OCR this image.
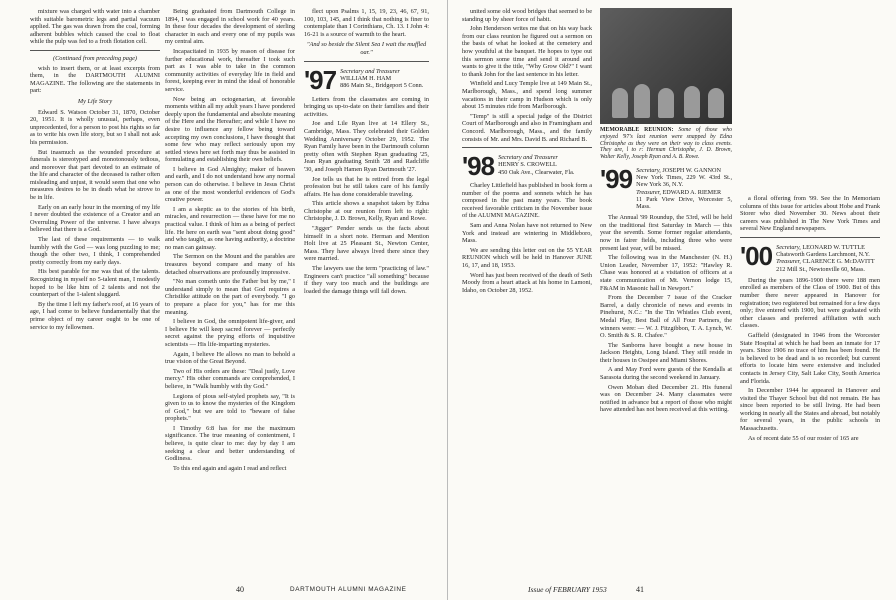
mixture was charged with water into a chamber with suitable barometric legs and partial vacuum applied. The gas was drawn from the coal, forming adherent bubbles which caused the coal to float while the pulp was fed to a froth flotation cell.

(Continued from preceding page)

wish to insert them, or at least excerpts from them, in the DARTMOUTH ALUMNI MAGAZINE. The following are the statements in part:

My Life Story

Edward S. Watson October 31, 1870, October 20, 1951. It is wholly unusual, perhaps, even unprecedented, for a person to post his rights so far as to write his own life story, but so I shall not ask his permission.

But inasmuch as the wounded procedure at funerals is stereotyped and monotonously tedious, and moreover that part devoted to an estimate of the life and character of the deceased is rather often misleading and unjust, it would seem that one who measures desires to be in death what he strove to be in life.

Early on an early hour in the morning of my life I never doubted the existence of a Creator and an Overruling Power of the universe. I have always believed that there is a God.

The last of these requirements — to walk humbly with the God — was long puzzling to me; though the other two, I think, I comprehended pretty correctly from my early days.

His best parable for me was that of the talents. Recognizing in myself no 5-talent man, I modestly hoped to be like him of 2 talents and not the counterpart of the 1-talent sluggard.

By the time I left my father's roof, at 16 years of age, I had come to believe fundamentally that the prime object of my career ought to be one of service to my fellowmen.

Being graduated from Dartmouth College in 1894, I was engaged in school work for 40 years. In these four decades the development of sterling character in each and every one of my pupils was my central aim.

Incapacitated in 1935 by reason of disease for further educational work, thereafter I took such part as I was able to take in the common community activities of everyday life in field and forest, keeping ever in mind the ideal of honorable service.

Now being an octogenarian, at favorable moments within all my adult years I have pondered deeply upon the fundamental and absolute meaning of the Here and the Hereafter; and while I have no desire to influence any fellow being toward accepting my own conclusions, I have thought that some few who may reflect seriously upon my settled views here set forth may thus be assisted in formulating and establishing their own beliefs.

I believe in God Almighty; maker of heaven and earth, and I do not understand how any normal person can do otherwise. I believe in Jesus Christ as one of the most wonderful evidences of God's creative power.

I am a skeptic as to the stories of his birth, miracles, and resurrection — these have for me no practical value. I think of him as a being of perfect life. He here on earth was "sent about doing good" and who taught, as one having authority, a doctrine no man can gainsay.

The Sermon on the Mount and the parables are treasures beyond compare and many of his detached observations are profoundly impressive.

"No man cometh unto the Father but by me," I understand simply to mean that God requires a Christlike attitude on the part of everybody. "I go to prepare a place for you," has for me this meaning.

I believe in God, the omnipotent life-giver, and I believe He will keep sacred forever — perfectly secret against the prying efforts of inquisitive scientists — His life-imparting mysteries.

Again, I believe He allows no man to behold a true vision of the Great Beyond.

Two of His orders are these: "Deal justly, Love mercy." His other commands are comprehended, I believe, in "Walk humbly with thy God."

Legions of pious self-styled prophets say, "It is given to us to know the mysteries of the Kingdom of God," but we are told to "beware of false prophets."

I Timothy 6:8 has for me the maximum significance. The true meaning of contentment, I believe, is quite clear to me: day by day I am seeking a clear and better understanding of Godliness.

To this end again and again I read and reflect

flect upon Psalms 1, 15, 19, 23, 46, 67, 91, 100, 103, 145, and I think that nothing is finer to contemplate than I Corinthians, Ch. 13. I John 4: 16-21 is a source of warmth to the heart.

"And so beside the Silent Sea I wait the muffled oar."

'97 Secretary and Treasurer
WILLIAM H. HAM
886 Main St., Bridgeport 5 Conn.

Letters from the classmates are coming in bringing us up-to-date on their families and their activities.

Joe and Lile Ryan live at 14 Ellery St., Cambridge, Mass. They celebrated their Golden Wedding Anniversary October 29, 1952. The Ryan Family have been in the Dartmouth column pretty often with Stephen Ryan graduating '25, Jean Ryan graduating Smith '28 and Radcliffe '30, and Joseph Hamen Ryan Dartmouth '27.

Joe tells us that he is retired from the legal profession but he still takes care of his family affairs. He has done considerable traveling.

This article shows a snapshot taken by Edna Christophe at our reunion from left to right: Christophe, J. D. Brown, Kelly, Ryan and Rowe.

"Jigger" Pender sends us the facts about himself in a short note. Herman and Mention Holt live at 25 Pleasant St., Newton Center, Mass. They have always lived there since they were married.

The lawyers use the term "practicing of law." Engineers can't practice "all something" because if they vary too much and the buildings are loaded the damage things will fall down.

40	DARTMOUTH ALUMNI MAGAZINE

united some old wood bridges that seemed to be standing up by sheer force of habit.

John Henderson writes me that on his way back from our class reunion he figured out a sermon on the basis of what he looked at the cemetery and how youthful at the banquet. He hopes to type out this sermon some time and send it around and wants to give it the title, "Why Grow Old?" I want to thank John for the last sentence in his letter.

Winfield and Lucy Temple live at 149 Main St., Marlborough, Mass., and spend long summer vacations in their camp in Hudson which is only about 15 minutes ride from Marlborough.

"Temp" is still a special judge of the District Court of Marlborough and also in Framingham and Concord. Marlborough, Mass., and the family consists of Mr. and Mrs. David B. and Richard B.

'98 Secretary and Treasurer
HENRY S. CROWELL
450 Oak Ave., Clearwater, Fla.

Charley Littlefield has published in book form a number of the poems and sonnets which he has composed in the past many years. The book received favorable criticism in the November issue of the ALUMNI MAGAZINE.

Sam and Anna Nolan have not returned to New York and instead are wintering in Middleboro, Mass.

We are sending this letter out on the 55 YEAR REUNION which will be held in Hanover JUNE 16, 17, and 18, 1953.

Word has just been received of the death of Seth Moody from a heart attack at his home in Lamoni, Idaho, on October 28, 1952.

MEMORABLE REUNION: Some of those who enjoyed '97's last reunion were snapped by Edna Christophe as they were on their way to class events. They are, l to r: Herman Christophe, J. D. Brown, Walter Kelly, Joseph Ryan and A. B. Rowe.
'99 Secretary, JOSEPH W. GANNON
New York Times, 229 W. 43rd St., New York 36, N.Y.
Treasurer, EDWARD A. RIEMER
11 Park View Drive, Worcester 5, Mass.

The Annual '99 Roundup, the 53rd, will be held on the traditional first Saturday in March — this year the seventh. Some former regular attendants, now in fairer fields, including three who were present last year, will be missed.

The following was in the Manchester (N. H.) Union Leader, November 17, 1952: "Hawley R. Chase was honored at a visitation of officers at a state communication of Mt. Vernon lodge 15, F&AM in Masonic hall in Newport."

From the December 7 issue of the Cracker Barrel, a daily chronicle of news and events in Pinehurst, N.C.: "In the Tin Whistles Club event, Medal Play, Best Ball of All Four Partners, the winners were: — W. J. Fitzgibbon, T. A. Lynch, W. O. Smith & S. R. Chafee."

The Sanborns have bought a new house in Jackson Heights, Long Island. They still reside in their houses in Ossipee and Miami Shores.

A and May Ford were guests of the Kendalls at Sarasota during the second weekend in January.

Owen Moban died December 21. His funeral was on December 24. Many classmates were notified in advance but a report of those who might have attended has not been received at this writing.

a floral offering from '99. See the In Memoriam columns of this issue for articles about Hobe and Frank Storer who died November 30. News about their careers was published in The New York Times and several New England newspapers.

'00 Secretary, LEONARD W. TUTTLE
Chatsworth Gardens Larchmont, N.Y.
Treasurer, CLARENCE G. McDAVITT
212 Mill St., Newtonville 60, Mass.

During the years 1896-1900 there were 188 men enrolled as members of the Class of 1900. But of this number there never appeared in Hanover for registration; two registered but remained for a few days only; five entered with 1900, but were graduated with other classes and preferred affiliation with such classes.

Gaffield (designated in 1946 from the Worcester State Hospital at which he had been an inmate for 17 years. Since 1906 no trace of him has been found. He is believed to be dead and is so recorded; but current efforts to locate him were extensive and included contacts in Jersey City, Salt Lake City, South America and Florida.

In December 1944 he appeared in Hanover and visited the Thayer School but did not remain. He has since been reported to be still living. He had been working in nearly all the States and abroad, but notably for several years, in the public schools in Massachusetts.

As of recent date 55 of our roster of 165 are

Issue of FEBRUARY 1953	41
